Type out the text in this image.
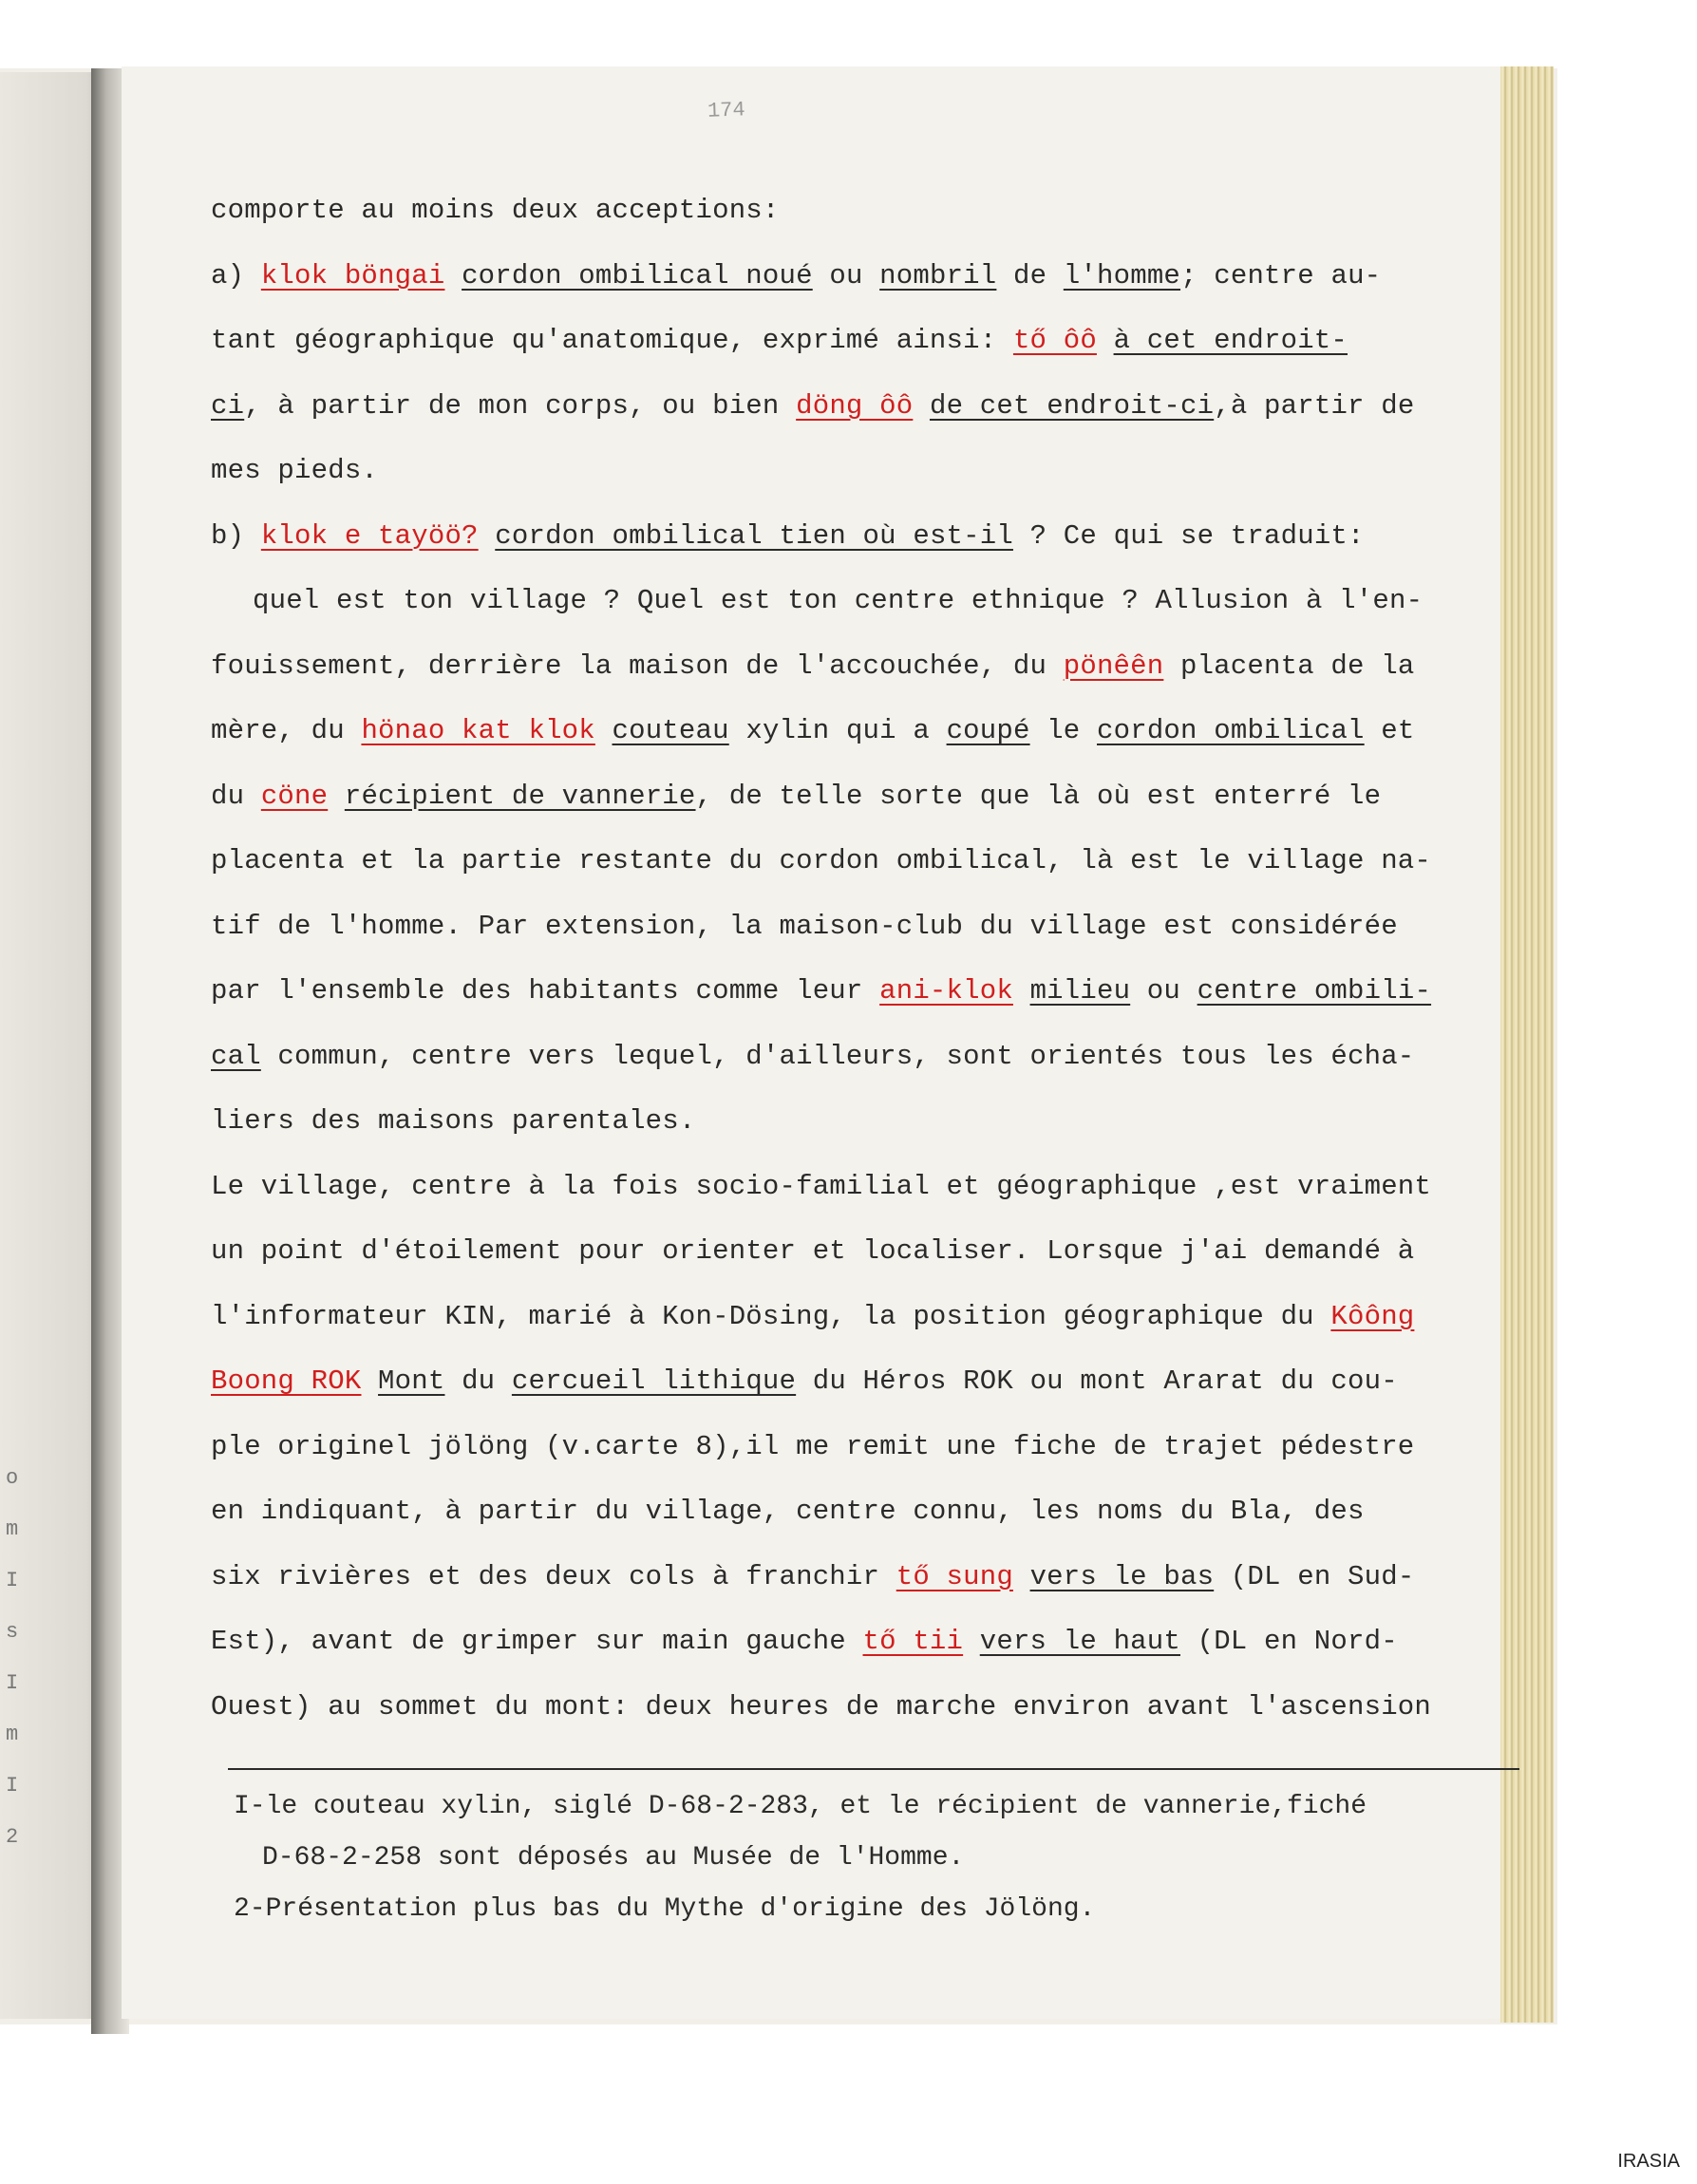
o
m
I
s
I
m
I
2
174
comporte au moins deux acceptions:
a) klok böngai cordon ombilical noué ou nombril de l'homme; centre au-
tant géographique qu'anatomique, exprimé ainsi: tő ôô à cet endroit-
ci, à partir de mon corps, ou bien döng ôô de cet endroit-ci,à partir de
mes pieds.
b) klok e tayöö? cordon ombilical tien où est-il ? Ce qui se traduit:
quel est ton village ? Quel est ton centre ethnique ? Allusion à l'en-
fouissement, derrière la maison de l'accouchée, du pönêên placenta de la
mère, du hönao kat klok couteau xylin qui a coupé le cordon ombilical et
du cöne récipient de vannerie, de telle sorte que là où est enterré le
placenta et la partie restante du cordon ombilical, là est le village na-
tif de l'homme. Par extension, la maison-club du village est considérée
par l'ensemble des habitants comme leur ani-klok milieu ou centre ombili-
cal commun, centre vers lequel, d'ailleurs, sont orientés tous les écha-
liers des maisons parentales.
Le village, centre à la fois socio-familial et géographique ,est vraiment
un point d'étoilement pour orienter et localiser. Lorsque j'ai demandé à
l'informateur KIN, marié à Kon-Dösing, la position géographique du Kôông
Boong ROK Mont du cercueil lithique du Héros ROK ou mont Ararat du cou-
ple originel jölöng (v.carte 8),il me remit une fiche de trajet pédestre
en indiquant, à partir du village, centre connu, les noms du Bla, des
six rivières et des deux cols à franchir tő sung vers le bas (DL en Sud-
Est), avant de grimper sur main gauche tő tii vers le haut (DL en Nord-
Ouest) au sommet du mont: deux heures de marche environ avant l'ascension
I-le couteau xylin, siglé D-68-2-283, et le récipient de vannerie,fiché
D-68-2-258 sont déposés au Musée de l'Homme.
2-Présentation plus bas du Mythe d'origine des Jölöng.
IRASIA
